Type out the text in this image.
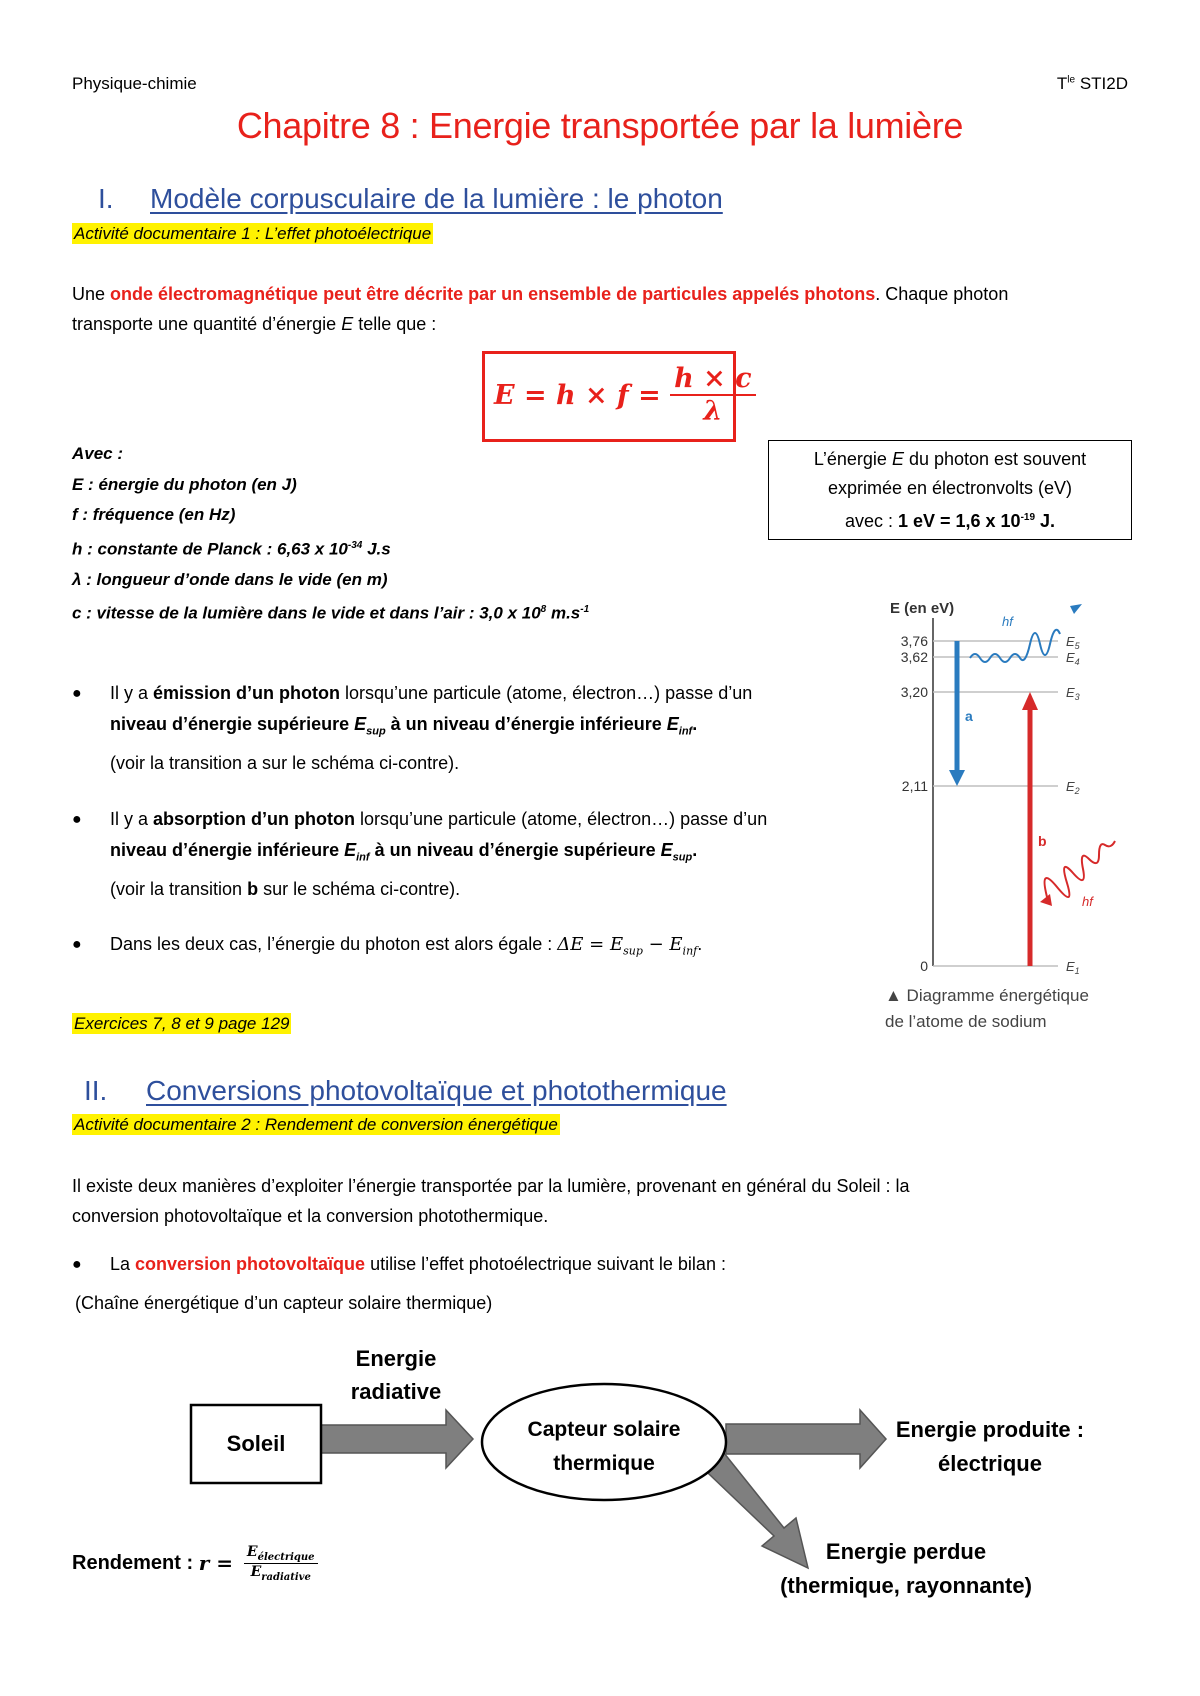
Physique-chimie	$T^{le}$ STI2D
Chapitre 8 : Energie transportée par la lumière
I. Modèle corpusculaire de la lumière : le photon
Activité documentaire 1 : L’effet photoélectrique
Une onde électromagnétique peut être décrite par un ensemble de particules appelés photons. Chaque photon
transporte une quantité d’énergie E telle que :
$E = h \times f = \frac{h \times c}{\lambda}$
Avec :
E : énergie du photon (en J)
f : fréquence (en Hz)
h : constante de Planck : 6,63 x $10^{-34}$ J.s
λ : longueur d’onde dans le vide (en m)
c : vitesse de la lumière dans le vide et dans l’air : 3,0 x $10^8$ $m.s^{-1}$
L’énergie E du photon est souvent
exprimée en électronvolts (eV)
avec : 1 eV = 1,6 x $10^{-19}$ J.
● Il y a émission d’un photon lorsqu’une particule (atome, électron…) passe d’un
niveau d’énergie supérieure $E_{sup}$ à un niveau d’énergie inférieure $E_{inf}$.
(voir la transition a sur le schéma ci-contre).
● Il y a absorption d’un photon lorsqu’une particule (atome, électron…) passe d’un
niveau d’énergie inférieure $E_{inf}$ à un niveau d’énergie supérieure $E_{sup}$.
(voir la transition b sur le schéma ci-contre).
● Dans les deux cas, l’énergie du photon est alors égale : $\Delta E = E_{sup} - E_{inf}$.
Exercices 7, 8 et 9 page 129
E (en eV)
3,76
3,62
3,20
2,11
0
$E_5$
$E_4$
$E_3$
$E_2$
$E_1$
a
hf
b
hf
▲ Diagramme énergétique
de l’atome de sodium
II. Conversions photovoltaïque et photothermique
Activité documentaire 2 : Rendement de conversion énergétique
Il existe deux manières d’exploiter l’énergie transportée par la lumière, provenant en général du Soleil : la
conversion photovoltaïque et la conversion photothermique.
● La conversion photovoltaïque utilise l’effet photoélectrique suivant le bilan :
(Chaîne énergétique d’un capteur solaire thermique)
Capteur solaire
thermique
Soleil
Energie
radiative
Energie produite :
électrique
Energie perdue
(thermique, rayonnante)
Rendement : $r = E_{électrique}$
$E_{radiative}$
